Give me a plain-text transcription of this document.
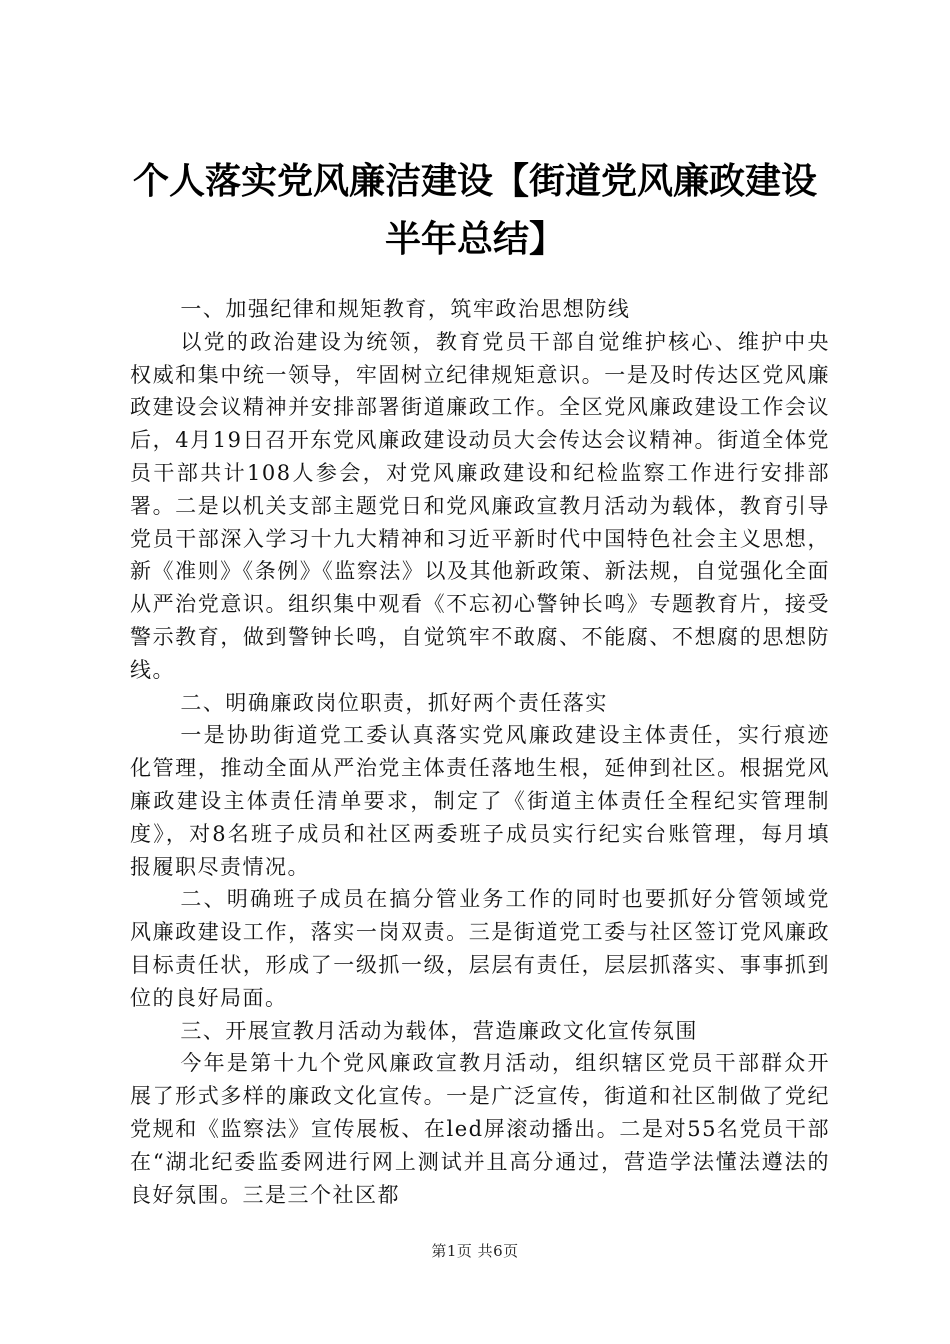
个人落实党风廉洁建设【街道党风廉政建设半年总结】

一、加强纪律和规矩教育，筑牢政治思想防线

以党的政治建设为统领，教育党员干部自觉维护核心、维护中央权威和集中统一领导，牢固树立纪律规矩意识。一是及时传达区党风廉政建设会议精神并安排部署街道廉政工作。全区党风廉政建设工作会议后，4月19日召开东党风廉政建设动员大会传达会议精神。街道全体党员干部共计108人参会，对党风廉政建设和纪检监察工作进行安排部署。二是以机关支部主题党日和党风廉政宣教月活动为载体，教育引导党员干部深入学习十九大精神和习近平新时代中国特色社会主义思想，新《准则》《条例》《监察法》以及其他新政策、新法规，自觉强化全面从严治党意识。组织集中观看《不忘初心警钟长鸣》专题教育片，接受警示教育，做到警钟长鸣，自觉筑牢不敢腐、不能腐、不想腐的思想防线。

二、明确廉政岗位职责，抓好两个责任落实

一是协助街道党工委认真落实党风廉政建设主体责任，实行痕迹化管理，推动全面从严治党主体责任落地生根，延伸到社区。根据党风廉政建设主体责任清单要求，制定了《街道主体责任全程纪实管理制度》，对8名班子成员和社区两委班子成员实行纪实台账管理，每月填报履职尽责情况。

二、明确班子成员在搞分管业务工作的同时也要抓好分管领域党风廉政建设工作，落实一岗双责。三是街道党工委与社区签订党风廉政目标责任状，形成了一级抓一级，层层有责任，层层抓落实、事事抓到位的良好局面。

三、开展宣教月活动为载体，营造廉政文化宣传氛围

今年是第十九个党风廉政宣教月活动，组织辖区党员干部群众开展了形式多样的廉政文化宣传。一是广泛宣传，街道和社区制做了党纪党规和《监察法》宣传展板、在led屏滚动播出。二是对55名党员干部在“湖北纪委监委网进行网上测试并且高分通过，营造学法懂法遵法的良好氛围。三是三个社区都

第1页 共6页
